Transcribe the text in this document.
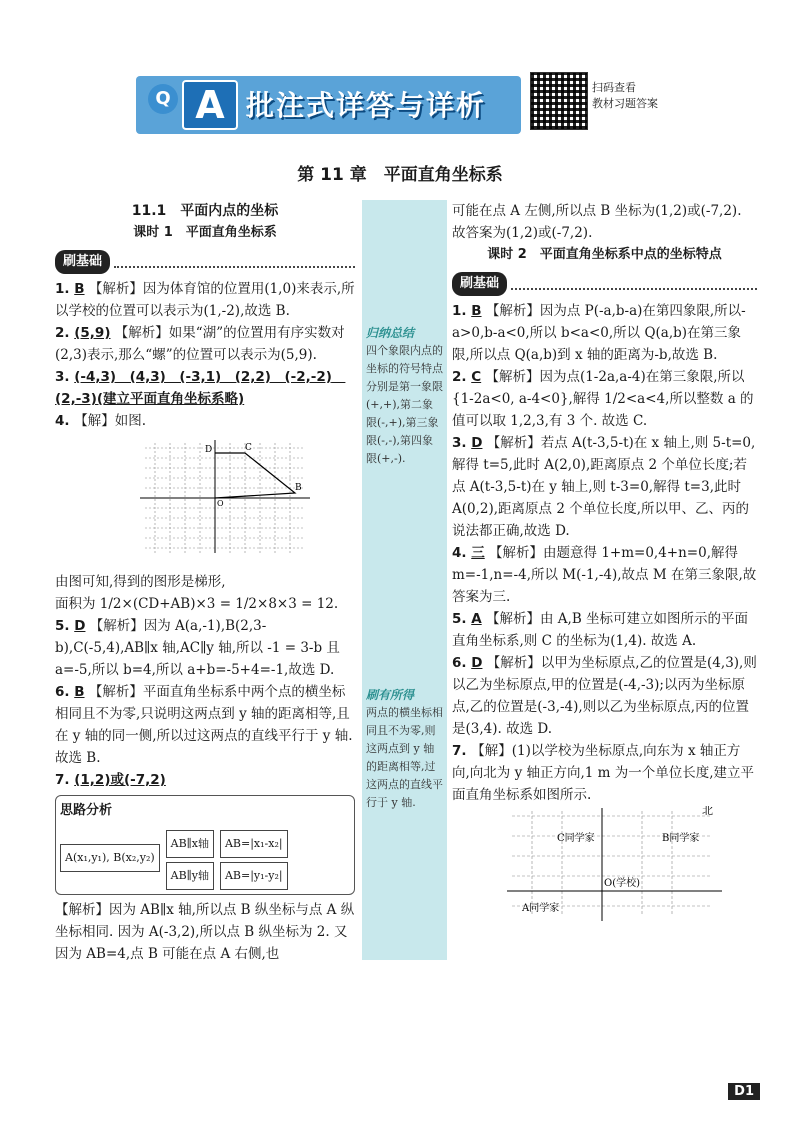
Q A 批注式详答与详析
扫码查看
教材习题答案
第 11 章　平面直角坐标系
11.1　平面内点的坐标
课时 1　平面直角坐标系
刷基础
1. B 【解析】因为体育馆的位置用(1,0)来表示,所以学校的位置可以表示为(1,-2),故选 B.
2. (5,9) 【解析】如果“湖”的位置用有序实数对(2,3)表示,那么“螺”的位置可以表示为(5,9).
3. (-4,3)　(4,3)　(-3,1)　(2,2)　(-2,-2)　(2,-3)(建立平面直角坐标系略)
4. 【解】如图.
D	C
B
O
由图可知,得到的图形是梯形,
面积为 1/2×(CD+AB)×3 = 1/2×8×3 = 12.
5. D 【解析】因为 A(a,-1),B(2,3-b),C(-5,4),AB∥x 轴,AC∥y 轴,所以 -1 = 3-b 且 a=-5,所以 b=4,所以 a+b=-5+4=-1,故选 D.
6. B 【解析】平面直角坐标系中两个点的横坐标相同且不为零,只说明这两点到 y 轴的距离相等,且在 y 轴的同一侧,所以过这两点的直线平行于 y 轴. 故选 B.
7. (1,2)或(-7,2)
思路分析
A(x₁,y₁), B(x₂,y₂)
AB∥x轴	AB=|x₁-x₂|
AB∥y轴	AB=|y₁-y₂|
【解析】因为 AB∥x 轴,所以点 B 纵坐标与点 A 纵坐标相同. 因为 A(-3,2),所以点 B 纵坐标为 2. 又因为 AB=4,点 B 可能在点 A 右侧,也
归纳总结
四个象限内点的坐标的符号特点分别是第一象限(+,+),第二象限(-,+),第三象限(-,-),第四象限(+,-).
刷有所得
两点的横坐标相同且不为零,则这两点到 y 轴的距离相等,过这两点的直线平行于 y 轴.
可能在点 A 左侧,所以点 B 坐标为(1,2)或(-7,2). 故答案为(1,2)或(-7,2).
课时 2　平面直角坐标系中点的坐标特点
刷基础
1. B 【解析】因为点 P(-a,b-a)在第四象限,所以-a>0,b-a<0,所以 b<a<0,所以 Q(a,b)在第三象限,所以点 Q(a,b)到 x 轴的距离为-b,故选 B.
2. C 【解析】因为点(1-2a,a-4)在第三象限,所以 {1-2a<0, a-4<0},解得 1/2<a<4,所以整数 a 的值可以取 1,2,3,有 3 个. 故选 C.
3. D 【解析】若点 A(t-3,5-t)在 x 轴上,则 5-t=0,解得 t=5,此时 A(2,0),距离原点 2 个单位长度;若点 A(t-3,5-t)在 y 轴上,则 t-3=0,解得 t=3,此时 A(0,2),距离原点 2 个单位长度,所以甲、乙、丙的说法都正确,故选 D.
4. 三 【解析】由题意得 1+m=0,4+n=0,解得 m=-1,n=-4,所以 M(-1,-4),故点 M 在第三象限,故答案为三.
5. A 【解析】由 A,B 坐标可建立如图所示的平面直角坐标系,则 C 的坐标为(1,4). 故选 A.
6. D 【解析】以甲为坐标原点,乙的位置是(4,3),则以乙为坐标原点,甲的位置是(-4,-3);以丙为坐标原点,乙的位置是(-3,-4),则以乙为坐标原点,丙的位置是(3,4). 故选 D.
7. 【解】(1)以学校为坐标原点,向东为 x 轴正方向,向北为 y 轴正方向,1 m 为一个单位长度,建立平面直角坐标系如图所示.
北
C同学家	B同学家
O(学校)
A同学家
D1
